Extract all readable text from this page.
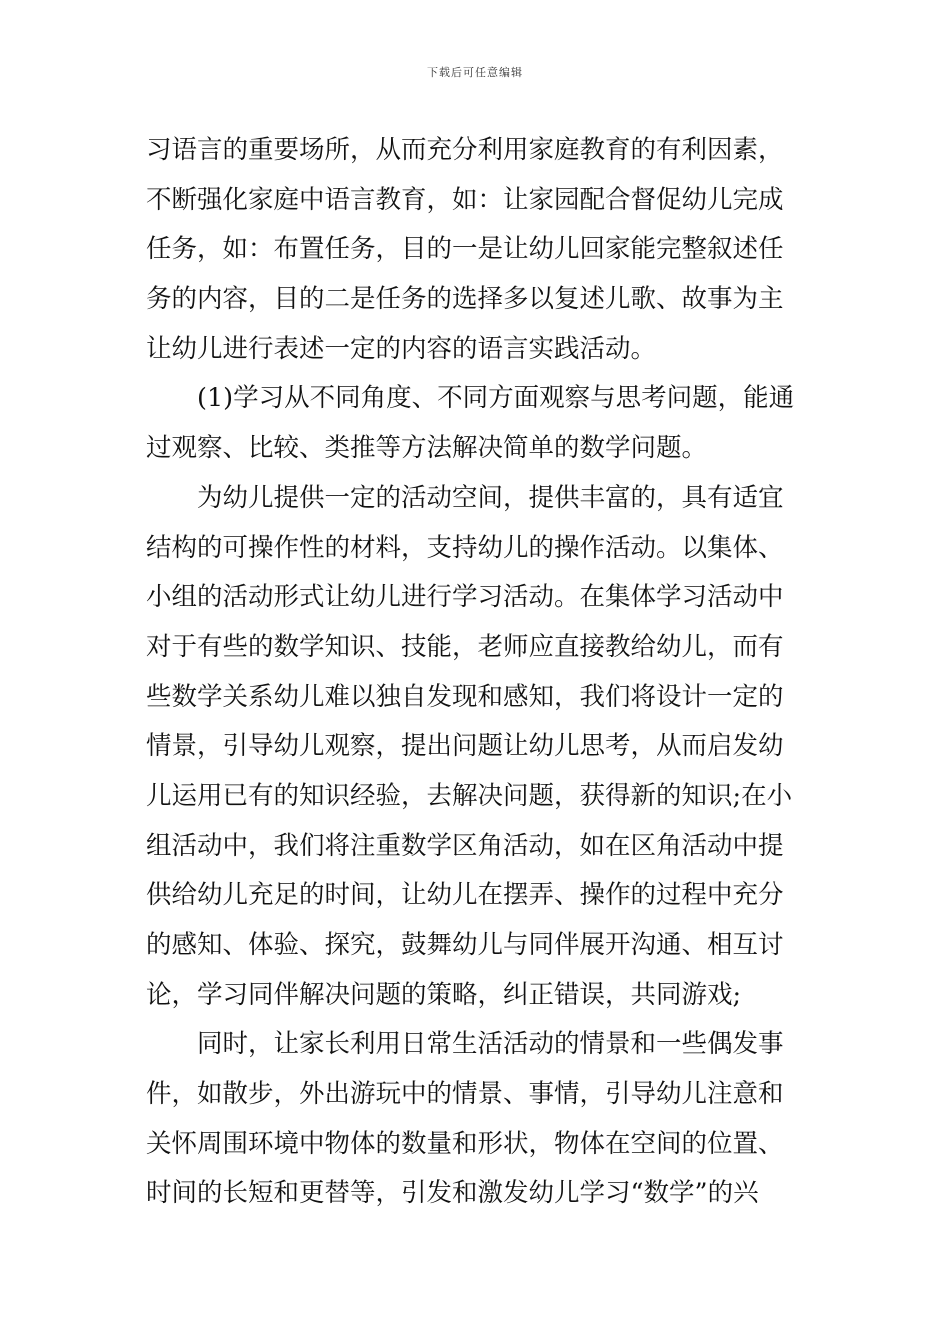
下载后可任意编辑
习语言的重要场所，从而充分利用家庭教育的有利因素，
不断强化家庭中语言教育，如：让家园配合督促幼儿完成
任务，如：布置任务，目的一是让幼儿回家能完整叙述任
务的内容，目的二是任务的选择多以复述儿歌、故事为主
让幼儿进行表述一定的内容的语言实践活动。
(1)学习从不同角度、不同方面观察与思考问题，能通
过观察、比较、类推等方法解决简单的数学问题。
为幼儿提供一定的活动空间，提供丰富的，具有适宜
结构的可操作性的材料，支持幼儿的操作活动。以集体、
小组的活动形式让幼儿进行学习活动。在集体学习活动中
对于有些的数学知识、技能，老师应直接教给幼儿，而有
些数学关系幼儿难以独自发现和感知，我们将设计一定的
情景，引导幼儿观察，提出问题让幼儿思考，从而启发幼
儿运用已有的知识经验，去解决问题，获得新的知识;在小
组活动中，我们将注重数学区角活动，如在区角活动中提
供给幼儿充足的时间，让幼儿在摆弄、操作的过程中充分
的感知、体验、探究，鼓舞幼儿与同伴展开沟通、相互讨
论，学习同伴解决问题的策略，纠正错误，共同游戏;
同时，让家长利用日常生活活动的情景和一些偶发事
件，如散步，外出游玩中的情景、事情，引导幼儿注意和
关怀周围环境中物体的数量和形状，物体在空间的位置、
时间的长短和更替等，引发和激发幼儿学习“数学”的兴
